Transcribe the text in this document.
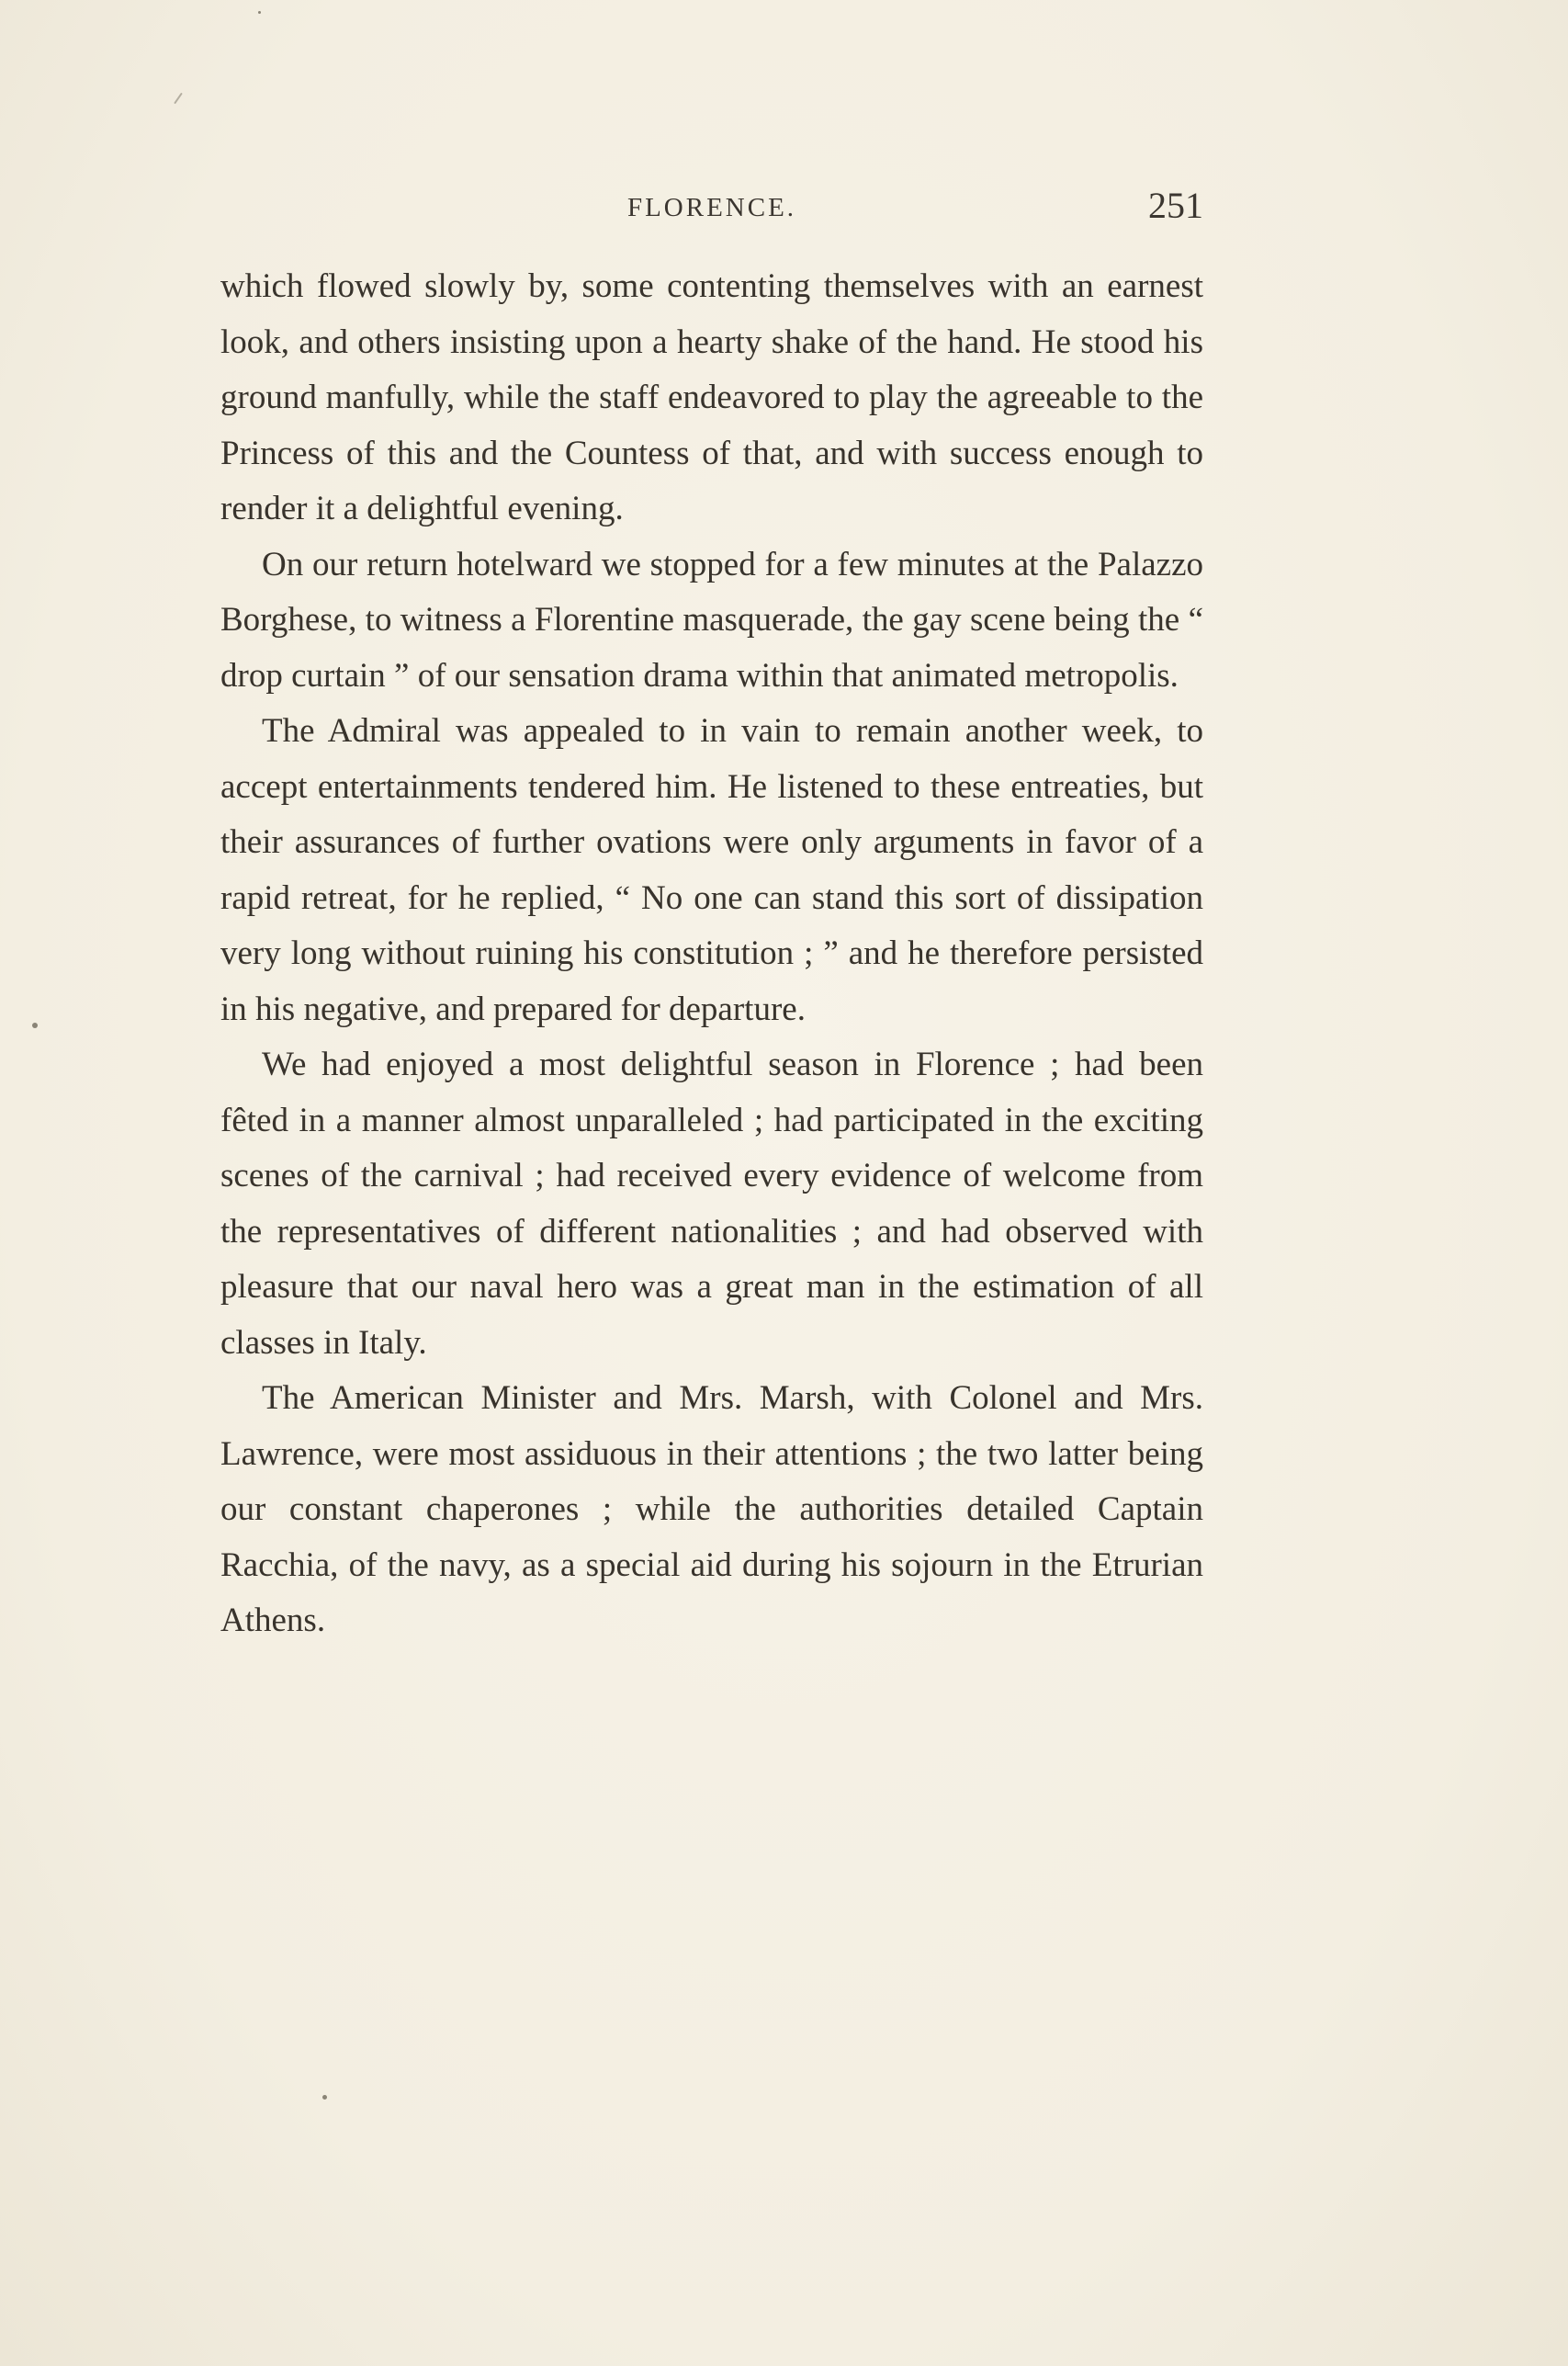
FLORENCE.	251

which flowed slowly by, some contenting themselves with an earnest look, and others insisting upon a hearty shake of the hand. He stood his ground manfully, while the staff endeavored to play the agreeable to the Princess of this and the Countess of that, and with success enough to render it a delightful evening.

On our return hotelward we stopped for a few minutes at the Palazzo Borghese, to witness a Florentine masquerade, the gay scene being the “ drop curtain ” of our sensation drama within that animated metropolis.

The Admiral was appealed to in vain to remain another week, to accept entertainments tendered him. He listened to these entreaties, but their assurances of further ovations were only arguments in favor of a rapid retreat, for he replied, “ No one can stand this sort of dissipation very long without ruining his constitution ; ” and he therefore persisted in his negative, and prepared for departure.

We had enjoyed a most delightful season in Florence ; had been fêted in a manner almost unparalleled ; had participated in the exciting scenes of the carnival ; had received every evidence of welcome from the representatives of different nationalities ; and had observed with pleasure that our naval hero was a great man in the estimation of all classes in Italy.

The American Minister and Mrs. Marsh, with Colonel and Mrs. Lawrence, were most assiduous in their attentions ; the two latter being our constant chaperones ; while the authorities detailed Captain Racchia, of the navy, as a special aid during his sojourn in the Etrurian Athens.
